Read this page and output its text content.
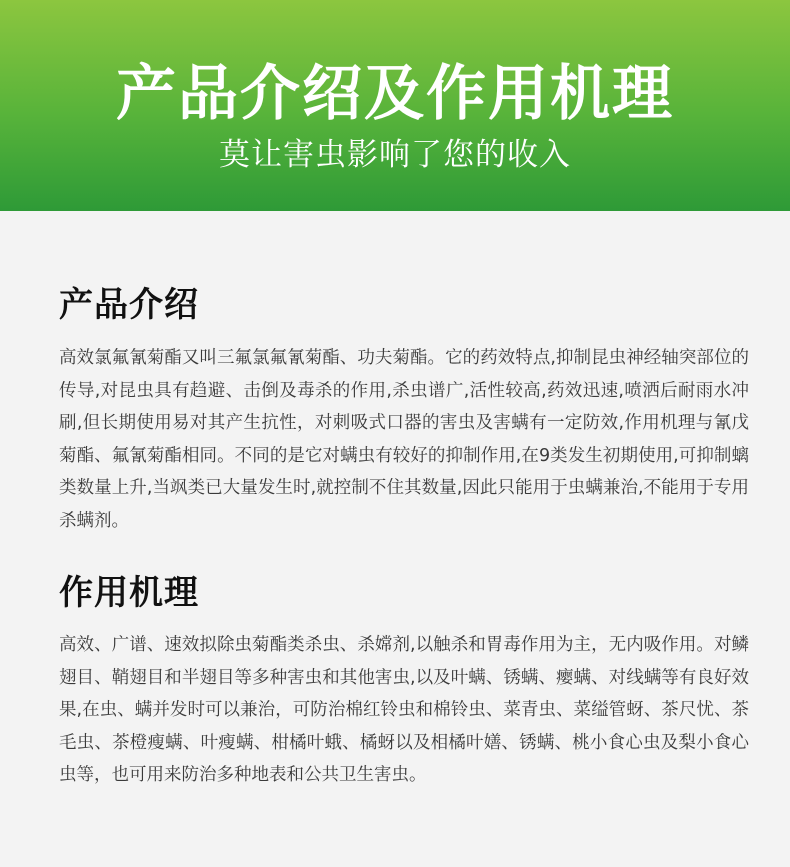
产品介绍及作用机理
莫让害虫影响了您的收入
产品介绍

高效氯氟氰菊酯又叫三氟氯氟氰菊酯、功夫菊酯。它的药效特点,抑制昆虫神经轴突部位的传导,对昆虫具有趋避、击倒及毒杀的作用,杀虫谱广,活性较高,药效迅速,喷洒后耐雨水冲刷,但长期使用易对其产生抗性，对刺吸式口器的害虫及害螨有一定防效,作用机理与氰戊菊酯、氟氰菊酯相同。不同的是它对螨虫有较好的抑制作用,在9类发生初期使用,可抑制螭类数量上升,当飒类已大量发生时,就控制不住其数量,因此只能用于虫螨兼治,不能用于专用杀螨剂。

作用机理

高效、广谱、速效拟除虫菊酯类杀虫、杀嫦剂,以触杀和胃毒作用为主，无内吸作用。对鳞翅目、鞘翅目和半翅目等多种害虫和其他害虫,以及叶螨、锈螨、瘿螨、对线螨等有良好效果,在虫、螨并发时可以兼治，可防治棉红铃虫和棉铃虫、菜青虫、菜缢管蚜、茶尺忧、茶毛虫、茶橙瘦螨、叶瘦螨、柑橘叶蛾、橘蚜以及相橘叶嫸、锈螨、桃小食心虫及梨小食心虫等，也可用来防治多种地表和公共卫生害虫。
